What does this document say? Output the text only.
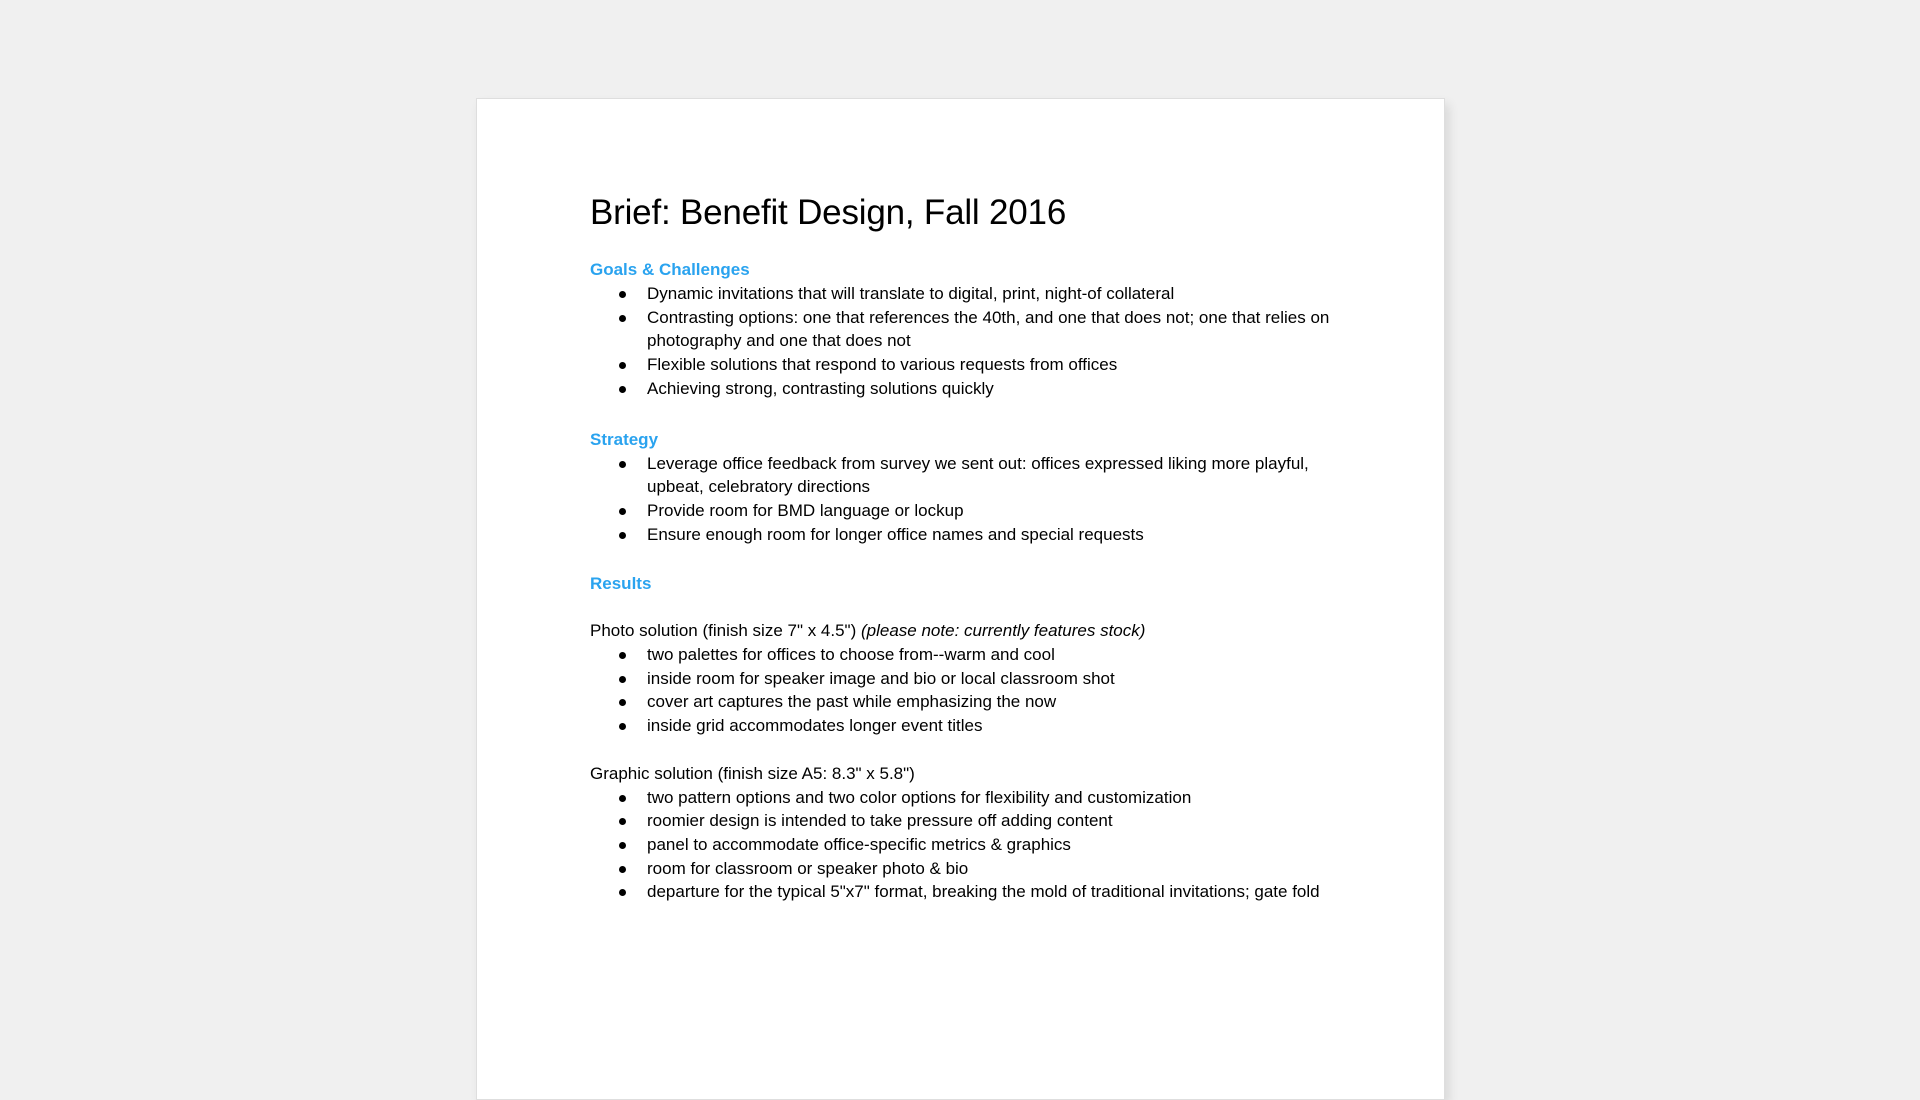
Brief: Benefit Design, Fall 2016
Goals & Challenges
Dynamic invitations that will translate to digital, print, night-of collateral
Contrasting options: one that references the 40th, and one that does not; one that relies on photography and one that does not
Flexible solutions that respond to various requests from offices
Achieving strong, contrasting solutions quickly
Strategy
Leverage office feedback from survey we sent out: offices expressed liking more playful, upbeat, celebratory directions
Provide room for BMD language or lockup
Ensure enough room for longer office names and special requests
Results

Photo solution (finish size 7" x 4.5") (please note: currently features stock)

two palettes for offices to choose from--warm and cool
inside room for speaker image and bio or local classroom shot
cover art captures the past while emphasizing the now
inside grid accommodates longer event titles

Graphic solution (finish size A5: 8.3" x 5.8")

two pattern options and two color options for flexibility and customization
roomier design is intended to take pressure off adding content
panel to accommodate office-specific metrics & graphics
room for classroom or speaker photo & bio
departure for the typical 5"x7" format, breaking the mold of traditional invitations; gate fold
